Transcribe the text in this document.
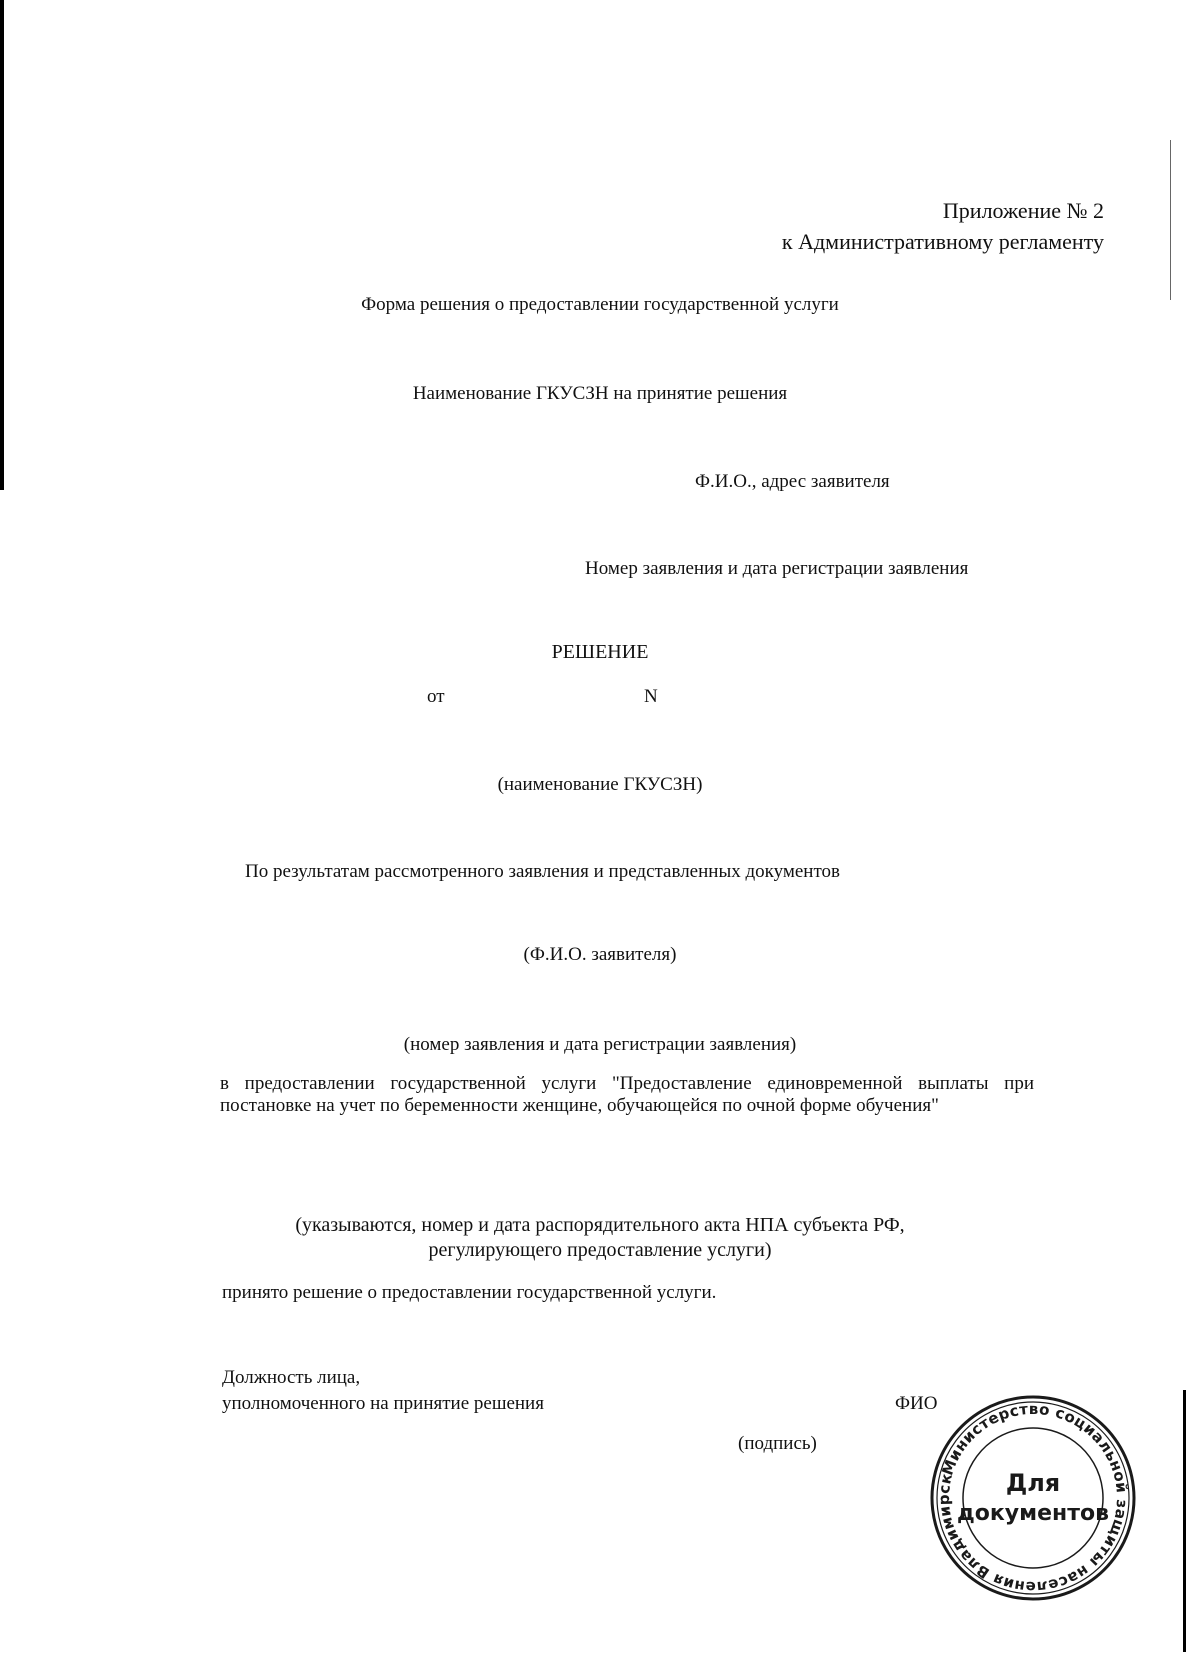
Приложение № 2
к Административному регламенту
Форма решения о предоставлении государственной услуги
Наименование ГКУСЗН на принятие решения
Ф.И.О., адрес заявителя
Номер заявления и дата регистрации заявления
РЕШЕНИЕ
от	N
(наименование ГКУСЗН)
По результатам рассмотренного заявления и представленных документов
(Ф.И.О. заявителя)
(номер заявления и дата регистрации заявления)
в предоставлении государственной услуги "Предоставление единовременной выплаты при постановке на учет по беременности женщине, обучающейся по очной форме обучения"
(указываются, номер и дата распорядительного акта НПА субъекта РФ,
регулирующего предоставление услуги)
принято решение о предоставлении государственной услуги.
Должность лица,
уполномоченного на принятие решения	ФИО
(подпись)
Министерство социальной защиты населения Владимирской
Для
документов
